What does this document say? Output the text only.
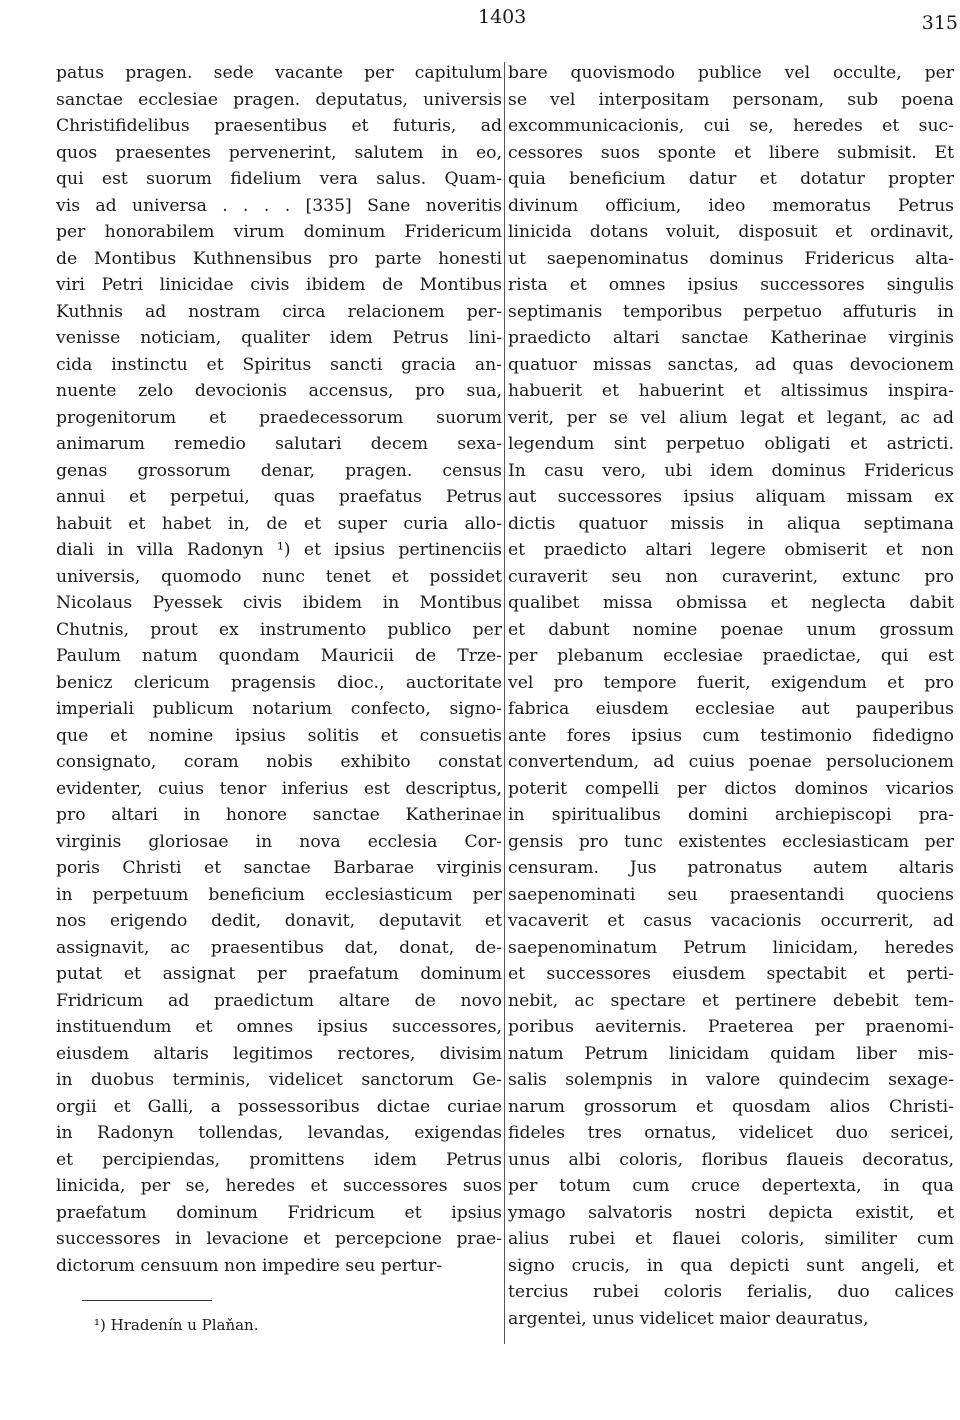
1403	315
patus pragen. sede vacante per capitulum
sanctae ecclesiae pragen. deputatus, universis
Christifidelibus praesentibus et futuris, ad
quos praesentes pervenerint, salutem in eo,
qui est suorum fidelium vera salus. Quam-
vis ad universa . . . . [335] Sane noveritis
per honorabilem virum dominum Fridericum
de Montibus Kuthnensibus pro parte honesti
viri Petri linicidae civis ibidem de Montibus
Kuthnis ad nostram circa relacionem per-
venisse noticiam, qualiter idem Petrus lini-
cida instinctu et Spiritus sancti gracia an-
nuente zelo devocionis accensus, pro sua,
progenitorum et praedecessorum suorum
animarum remedio salutari decem sexa-
genas grossorum denar, pragen. census
annui et perpetui, quas praefatus Petrus
habuit et habet in, de et super curia allo-
diali in villa Radonyn ¹) et ipsius pertinenciis
universis, quomodo nunc tenet et possidet
Nicolaus Pyessek civis ibidem in Montibus
Chutnis, prout ex instrumento publico per
Paulum natum quondam Mauricii de Trze-
benicz clericum pragensis dioc., auctoritate
imperiali publicum notarium confecto, signo-
que et nomine ipsius solitis et consuetis
consignato, coram nobis exhibito constat
evidenter, cuius tenor inferius est descriptus,
pro altari in honore sanctae Katherinae
virginis gloriosae in nova ecclesia Cor-
poris Christi et sanctae Barbarae virginis
in perpetuum beneficium ecclesiasticum per
nos erigendo dedit, donavit, deputavit et
assignavit, ac praesentibus dat, donat, de-
putat et assignat per praefatum dominum
Fridricum ad praedictum altare de novo
instituendum et omnes ipsius successores,
eiusdem altaris legitimos rectores, divisim
in duobus terminis, videlicet sanctorum Ge-
orgii et Galli, a possessoribus dictae curiae
in Radonyn tollendas, levandas, exigendas
et percipiendas, promittens idem Petrus
linicida, per se, heredes et successores suos
praefatum dominum Fridricum et ipsius
successores in levacione et percepcione prae-
dictorum censuum non impedire seu pertur-
bare quovismodo publice vel occulte, per
se vel interpositam personam, sub poena
excommunicacionis, cui se, heredes et suc-
cessores suos sponte et libere submisit. Et
quia beneficium datur et dotatur propter
divinum officium, ideo memoratus Petrus
linicida dotans voluit, disposuit et ordinavit,
ut saepenominatus dominus Fridericus alta-
rista et omnes ipsius successores singulis
septimanis temporibus perpetuo affuturis in
praedicto altari sanctae Katherinae virginis
quatuor missas sanctas, ad quas devocionem
habuerit et habuerint et altissimus inspira-
verit, per se vel alium legat et legant, ac ad
legendum sint perpetuo obligati et astricti.
In casu vero, ubi idem dominus Fridericus
aut successores ipsius aliquam missam ex
dictis quatuor missis in aliqua septimana
et praedicto altari legere obmiserit et non
curaverit seu non curaverint, extunc pro
qualibet missa obmissa et neglecta dabit
et dabunt nomine poenae unum grossum
per plebanum ecclesiae praedictae, qui est
vel pro tempore fuerit, exigendum et pro
fabrica eiusdem ecclesiae aut pauperibus
ante fores ipsius cum testimonio fidedigno
convertendum, ad cuius poenae persolucionem
poterit compelli per dictos dominos vicarios
in spiritualibus domini archiepiscopi pra-
gensis pro tunc existentes ecclesiasticam per
censuram. Jus patronatus autem altaris
saepenominati seu praesentandi quociens
vacaverit et casus vacacionis occurrerit, ad
saepenominatum Petrum linicidam, heredes
et successores eiusdem spectabit et perti-
nebit, ac spectare et pertinere debebit tem-
poribus aeviternis. Praeterea per praenomi-
natum Petrum linicidam quidam liber mis-
salis solempnis in valore quindecim sexage-
narum grossorum et quosdam alios Christi-
fideles tres ornatus, videlicet duo sericei,
unus albi coloris, floribus flaueis decoratus,
per totum cum cruce depertexta, in qua
ymago salvatoris nostri depicta existit, et
alius rubei et flauei coloris, similiter cum
signo crucis, in qua depicti sunt angeli, et
tercius rubei coloris ferialis, duo calices
argentei, unus videlicet maior deauratus,
¹) Hradenín u Plaňan.
